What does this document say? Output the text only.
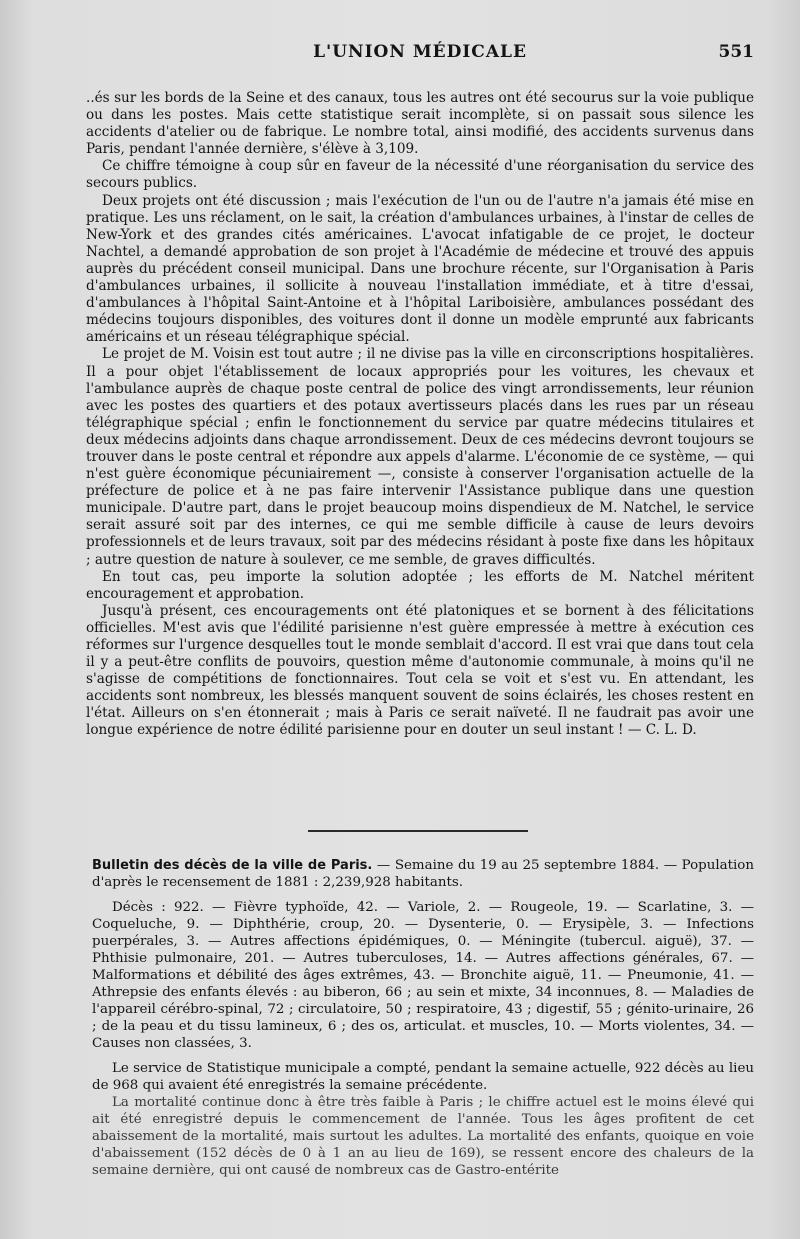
L'UNION MÉDICALE	551

..és sur les bords de la Seine et des canaux, tous les autres ont été secourus sur la voie publique ou dans les postes. Mais cette statistique serait incomplète, si on passait sous silence les accidents d'atelier ou de fabrique. Le nombre total, ainsi modifié, des accidents survenus dans Paris, pendant l'année dernière, s'élève à 3,109.

Ce chiffre témoigne à coup sûr en faveur de la nécessité d'une réorganisation du service des secours publics.

Deux projets ont été discussion ; mais l'exécution de l'un ou de l'autre n'a jamais été mise en pratique. Les uns réclament, on le sait, la création d'ambulances urbaines, à l'instar de celles de New-York et des grandes cités américaines. L'avocat infatigable de ce projet, le docteur Nachtel, a demandé approbation de son projet à l'Académie de médecine et trouvé des appuis auprès du précédent conseil municipal. Dans une brochure récente, sur l'Organisation à Paris d'ambulances urbaines, il sollicite à nouveau l'installation immédiate, et à titre d'essai, d'ambulances à l'hôpital Saint-Antoine et à l'hôpital Lariboisière, ambulances possédant des médecins toujours disponibles, des voitures dont il donne un modèle emprunté aux fabricants américains et un réseau télégraphique spécial.

Le projet de M. Voisin est tout autre ; il ne divise pas la ville en circonscriptions hospitalières. Il a pour objet l'établissement de locaux appropriés pour les voitures, les chevaux et l'ambulance auprès de chaque poste central de police des vingt arrondissements, leur réunion avec les postes des quartiers et des potaux avertisseurs placés dans les rues par un réseau télégraphique spécial ; enfin le fonctionnement du service par quatre médecins titulaires et deux médecins adjoints dans chaque arrondissement. Deux de ces médecins devront toujours se trouver dans le poste central et répondre aux appels d'alarme. L'économie de ce système, — qui n'est guère économique pécuniairement —, consiste à conserver l'organisation actuelle de la préfecture de police et à ne pas faire intervenir l'Assistance publique dans une question municipale. D'autre part, dans le projet beaucoup moins dispendieux de M. Natchel, le service serait assuré soit par des internes, ce qui me semble difficile à cause de leurs devoirs professionnels et de leurs travaux, soit par des médecins résidant à poste fixe dans les hôpitaux ; autre question de nature à soulever, ce me semble, de graves difficultés.

En tout cas, peu importe la solution adoptée ; les efforts de M. Natchel méritent encouragement et approbation.

Jusqu'à présent, ces encouragements ont été platoniques et se bornent à des félicitations officielles. M'est avis que l'édilité parisienne n'est guère empressée à mettre à exécution ces réformes sur l'urgence desquelles tout le monde semblait d'accord. Il est vrai que dans tout cela il y a peut-être conflits de pouvoirs, question même d'autonomie communale, à moins qu'il ne s'agisse de compétitions de fonctionnaires. Tout cela se voit et s'est vu. En attendant, les accidents sont nombreux, les blessés manquent souvent de soins éclairés, les choses restent en l'état. Ailleurs on s'en étonnerait ; mais à Paris ce serait naïveté. Il ne faudrait pas avoir une longue expérience de notre édilité parisienne pour en douter un seul instant ! — C. L. D.

Bulletin des décès de la ville de Paris. — Semaine du 19 au 25 septembre 1884. — Population d'après le recensement de 1881 : 2,239,928 habitants.

Décès : 922. — Fièvre typhoïde, 42. — Variole, 2. — Rougeole, 19. — Scarlatine, 3. — Coqueluche, 9. — Diphthérie, croup, 20. — Dysenterie, 0. — Erysipèle, 3. — Infections puerpérales, 3. — Autres affections épidémiques, 0. — Méningite (tubercul. aiguë), 37. — Phthisie pulmonaire, 201. — Autres tuberculoses, 14. — Autres affections générales, 67. — Malformations et débilité des âges extrêmes, 43. — Bronchite aiguë, 11. — Pneumonie, 41. — Athrepsie des enfants élevés : au biberon, 66 ; au sein et mixte, 34 inconnues, 8. — Maladies de l'appareil cérébro-spinal, 72 ; circulatoire, 50 ; respiratoire, 43 ; digestif, 55 ; génito-urinaire, 26 ; de la peau et du tissu lamineux, 6 ; des os, articulat. et muscles, 10. — Morts violentes, 34. — Causes non classées, 3.

Le service de Statistique municipale a compté, pendant la semaine actuelle, 922 décès au lieu de 968 qui avaient été enregistrés la semaine précédente.

La mortalité continue donc à être très faible à Paris ; le chiffre actuel est le moins élevé qui ait été enregistré depuis le commencement de l'année. Tous les âges profitent de cet abaissement de la mortalité, mais surtout les adultes. La mortalité des enfants, quoique en voie d'abaissement (152 décès de 0 à 1 an au lieu de 169), se ressent encore des chaleurs de la semaine dernière, qui ont causé de nombreux cas de Gastro-entérite
